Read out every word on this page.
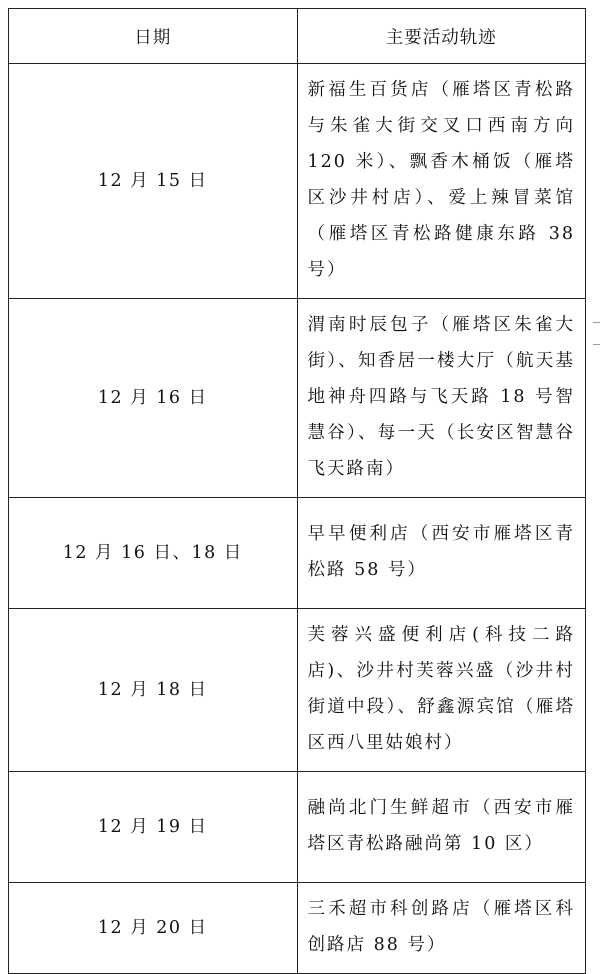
日期	主要活动轨迹
12 月 15 日	新福生百货店（雁塔区青松路与朱雀大街交叉口西南方向 120 米）、飘香木桶饭（雁塔区沙井村店）、爱上辣冒菜馆（雁塔区青松路健康东路 38 号）
12 月 16 日	渭南时辰包子（雁塔区朱雀大街）、知香居一楼大厅（航天基地神舟四路与飞天路 18 号智慧谷）、每一天（长安区智慧谷飞天路南）
12 月 16 日、18 日	早早便利店（西安市雁塔区青松路 58 号）
12 月 18 日	芙蓉兴盛便利店(科技二路店)、沙井村芙蓉兴盛（沙井村街道中段）、舒鑫源宾馆（雁塔区西八里姑娘村）
12 月 19 日	融尚北门生鲜超市（西安市雁塔区青松路融尚第 10 区）
12 月 20 日	三禾超市科创路店（雁塔区科创路店 88 号）
